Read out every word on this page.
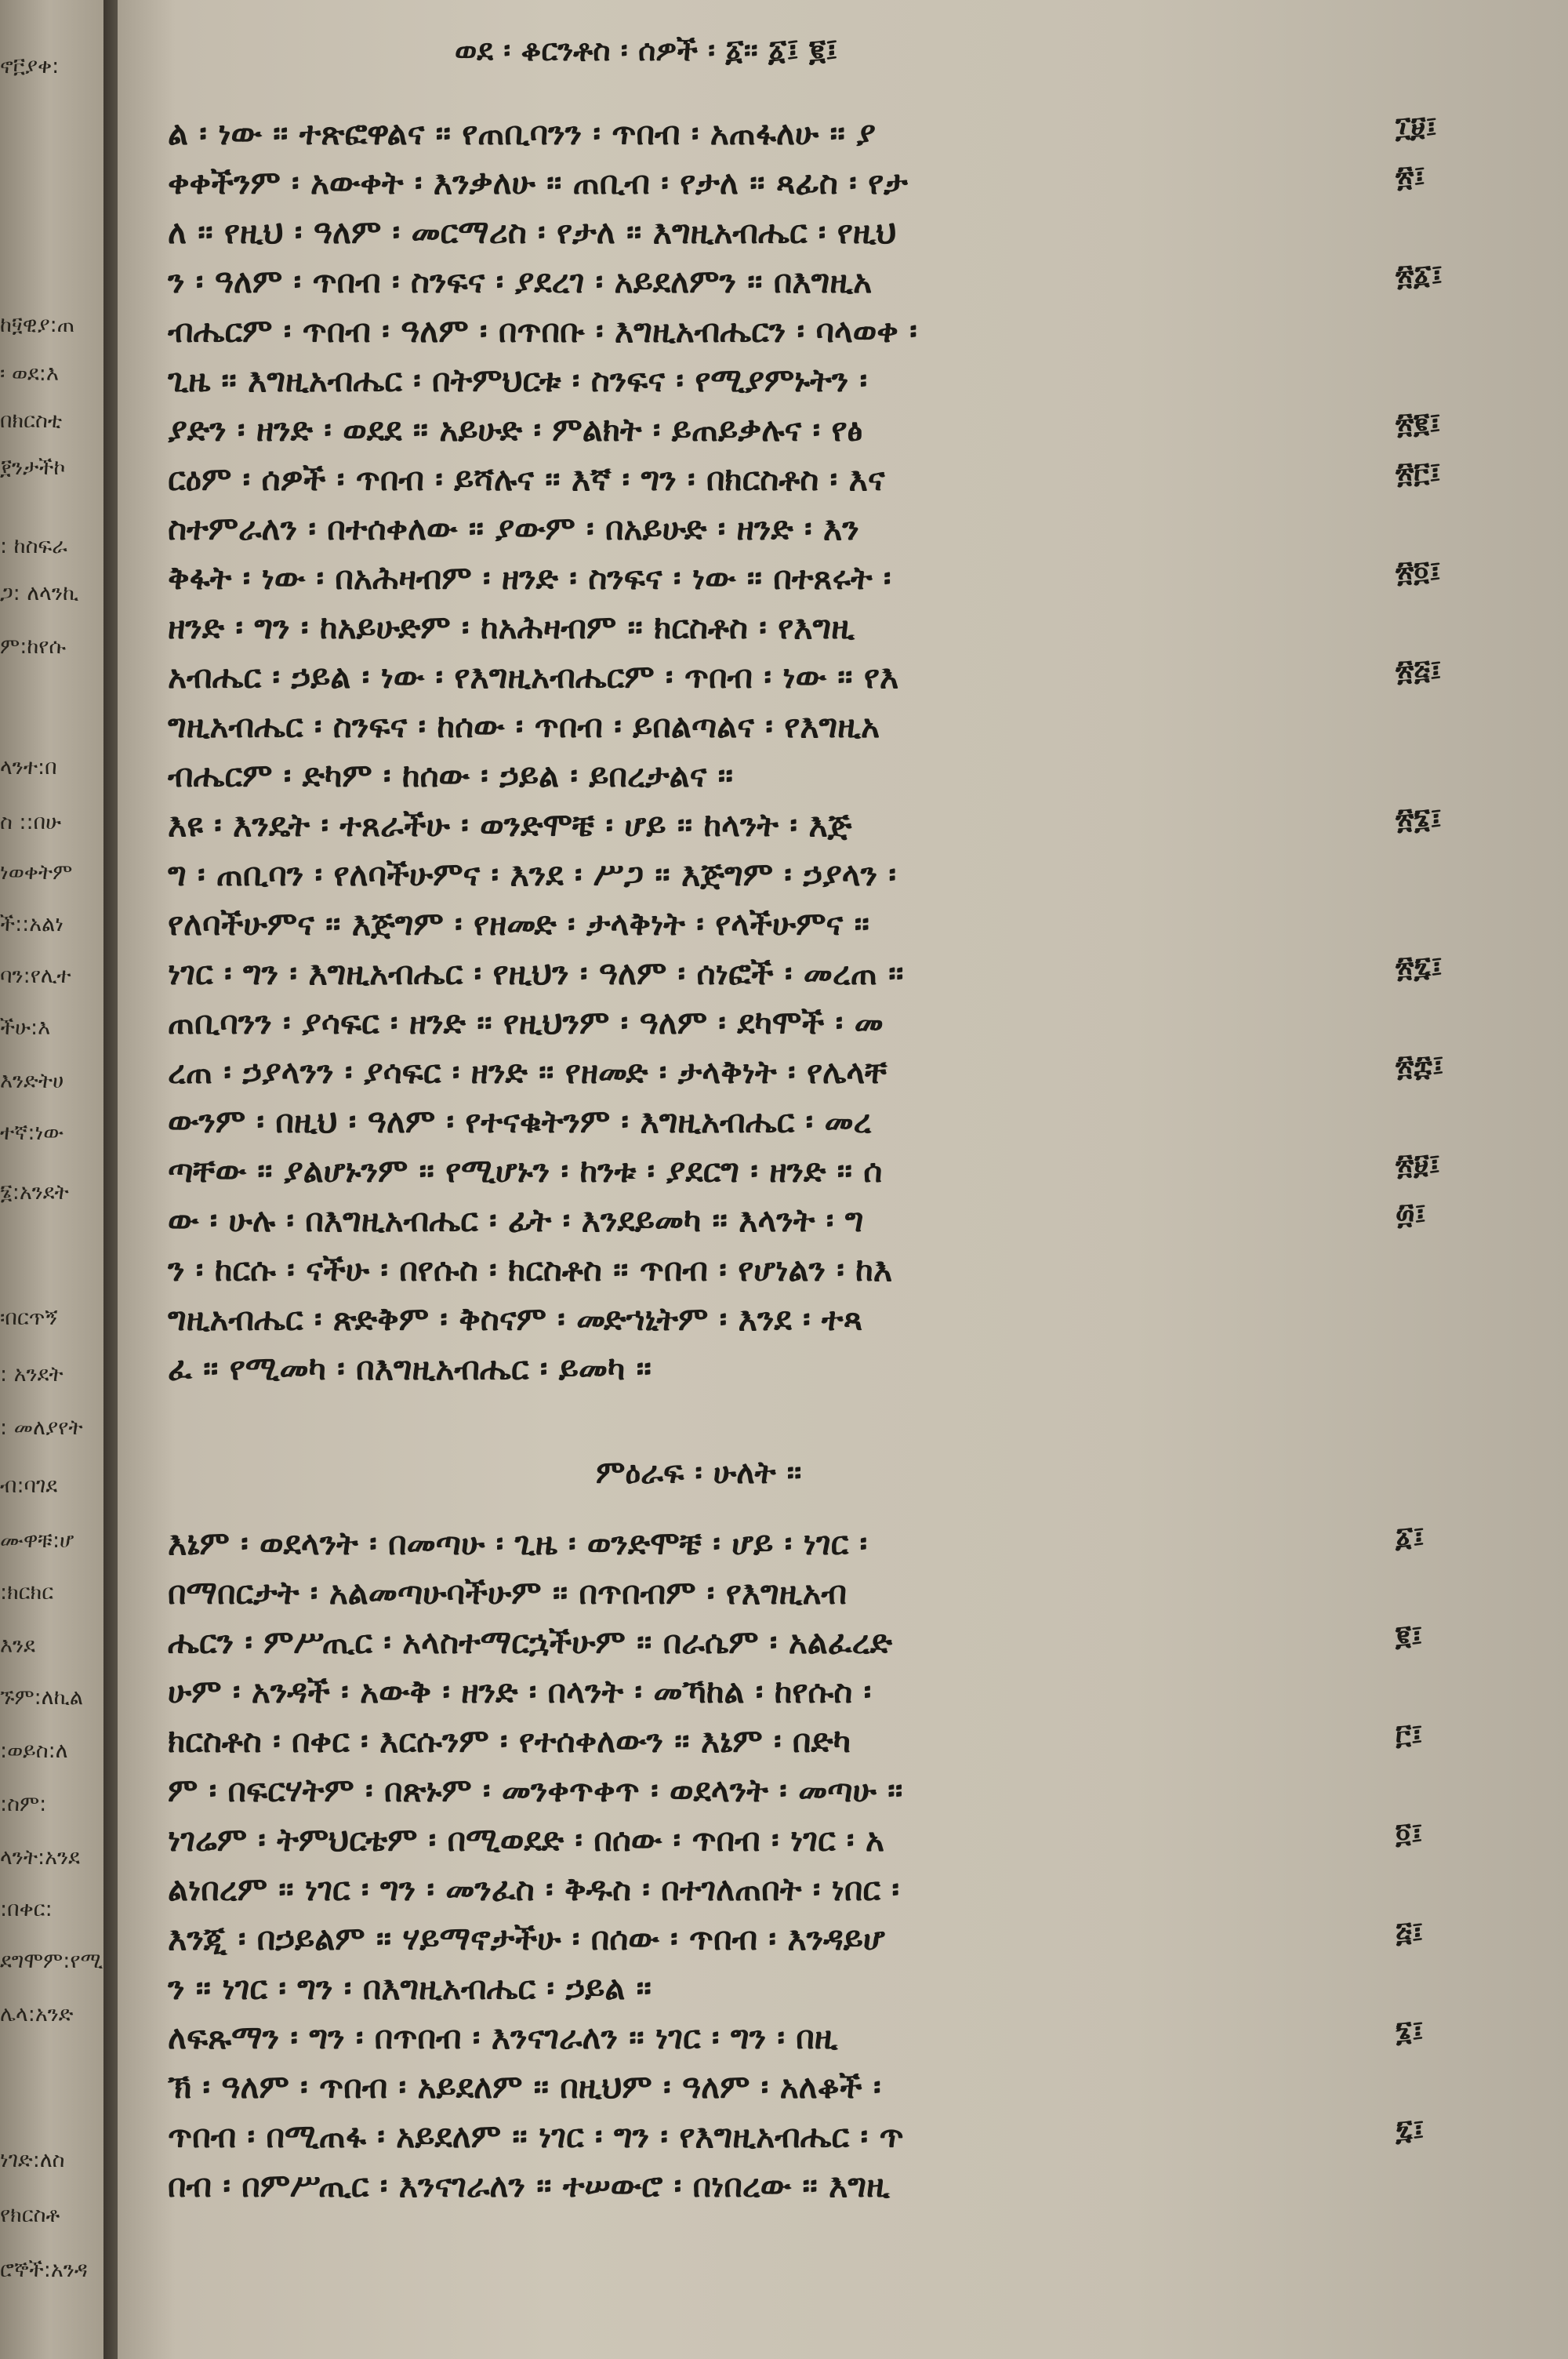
ኖ፫ያቀ:
ከ፶ዊያ:ጠ
፡ ወደ:እ
በክርስቲ
፻ንታችኮ
: ከስፍራ
ጋ: ለላንኪ
ም:ከየሱ
ላንተ:በ
ስ ::በሁ
ነወቀትም
ች::አልነ
ባን:የሊተ
ችሁ:እ
እንድትሀ
ተኛ:ነው
፮:አንደት
፡በርጥኝ
: አንደት
: መለያየት
ብ:ባገደ
ሙዋቹ:ሆ
:ክርክር
እንደ
ኙም:ለኪል
:ወይስ:ለ
:ስም:
ላንት:አንደ
:በቀር:
ደግሞም:የሚ
ሌላ:አንድ
ነገድ:ለስ
የክርስቶ
ሮኞች:አንዳ
ወደ ፡ ቆርንቶስ ፡ ሰዎች ፡ ፩፡፡ ፩፤ ፪፤
ል ፡ ነው ፡፡ ተጽፎዋልና ፡፡ የጠቢባንን ፡ ጥበብ ፡ አጠፋለሁ ፡፡ ያ
ቀቀችንም ፡ አውቀት ፡ እንቃለሁ ፡፡ ጠቢብ ፡ የታለ ፡፡ ጻፊስ ፡ የታ
ለ ፡፡ የዚህ ፡ ዓለም ፡ መርማሪስ ፡ የታለ ፡፡ እግዚአብሔር ፡ የዚህ
ን ፡ ዓለም ፡ ጥበብ ፡ ስንፍና ፡ ያደረገ ፡ አይደለምን ፡፡ በእግዚአ
ብሔርም ፡ ጥበብ ፡ ዓለም ፡ በጥበቡ ፡ እግዚአብሔርን ፡ ባላወቀ ፡
ጊዜ ፡፡ እግዚአብሔር ፡ በትምህርቱ ፡ ስንፍና ፡ የሚያምኑትን ፡
ያድን ፡ ዘንድ ፡ ወደደ ፡፡ አይሁድ ፡ ምልክት ፡ ይጠይቃሉና ፡ የፅ
ርዕም ፡ ሰዎች ፡ ጥበብ ፡ ይሻሉና ፡፡ እኛ ፡ ግን ፡ በክርስቶስ ፡ እና
ስተምራለን ፡ በተሰቀለው ፡፡ ያውም ፡ በአይሁድ ፡ ዘንድ ፡ እን
ቅፋት ፡ ነው ፡ በአሕዛብም ፡ ዘንድ ፡ ስንፍና ፡ ነው ፡፡ በተጸሩት ፡
ዘንድ ፡ ግን ፡ ከአይሁድም ፡ ከአሕዛብም ፡፡ ክርስቶስ ፡ የእግዚ
አብሔር ፡ ኃይል ፡ ነው ፡ የእግዚአብሔርም ፡ ጥበብ ፡ ነው ፡፡ የእ
ግዚአብሔር ፡ ስንፍና ፡ ከሰው ፡ ጥበብ ፡ ይበልጣልና ፡ የእግዚአ
ብሔርም ፡ ድካም ፡ ከሰው ፡ ኃይል ፡ ይበረታልና ፡፡
እዩ ፡ እንዴት ፡ ተጸራችሁ ፡ ወንድሞቼ ፡ ሆይ ፡፡ ከላንት ፡ እጅ
ግ ፡ ጠቢባን ፡ የለባችሁምና ፡ እንደ ፡ ሥጋ ፡፡ እጅግም ፡ ኃያላን ፡
የለባችሁምና ፡፡ እጅግም ፡ የዘመድ ፡ ታላቅነት ፡ የላችሁምና ፡፡
ነገር ፡ ግን ፡ እግዚአብሔር ፡ የዚህን ፡ ዓለም ፡ ሰነፎች ፡ መረጠ ፡፡
ጠቢባንን ፡ ያሳፍር ፡ ዘንድ ፡፡ የዚህንም ፡ ዓለም ፡ ደካሞች ፡ መ
ረጠ ፡ ኃያላንን ፡ ያሳፍር ፡ ዘንድ ፡፡ የዘመድ ፡ ታላቅነት ፡ የሌላቸ
ውንም ፡ በዚህ ፡ ዓለም ፡ የተናቁትንም ፡ እግዚአብሔር ፡ መረ
ጣቸው ፡፡ ያልሆኑንም ፡፡ የሚሆኑን ፡ ከንቱ ፡ ያደርግ ፡ ዘንድ ፡፡ ሰ
ው ፡ ሁሉ ፡ በእግዚአብሔር ፡ ፊት ፡ እንደይመካ ፡፡ እላንት ፡ ግ
ን ፡ ከርሱ ፡ ናችሁ ፡ በየሱስ ፡ ክርስቶስ ፡፡ ጥበብ ፡ የሆነልን ፡ ከእ
ግዚአብሔር ፡ ጽድቅም ፡ ቅስናም ፡ መድኀኒትም ፡ እንደ ፡ ተጻ
ፈ ፡፡ የሚመካ ፡ በእግዚአብሔር ፡ ይመካ ፡፡
ምዕራፍ ፡ ሁለት ፡፡
እኔም ፡ ወደላንት ፡ በመጣሁ ፡ ጊዜ ፡ ወንድሞቼ ፡ ሆይ ፡ ነገር ፡
በማበርታት ፡ አልመጣሁባችሁም ፡፡ በጥበብም ፡ የእግዚአብ
ሔርን ፡ ምሥጢር ፡ አላስተማርኋችሁም ፡፡ በራሴም ፡ አልፈረድ
ሁም ፡ አንዳች ፡ አውቅ ፡ ዘንድ ፡ በላንት ፡ መኻከል ፡ ከየሱስ ፡
ክርስቶስ ፡ በቀር ፡ እርሱንም ፡ የተሰቀለውን ፡፡ እኔም ፡ በድካ
ም ፡ በፍርሃትም ፡ በጽኑም ፡ መንቀጥቀጥ ፡ ወደላንት ፡ መጣሁ ፡፡
ነገሬም ፡ ትምህርቴም ፡ በሚወደድ ፡ በሰው ፡ ጥበብ ፡ ነገር ፡ አ
ልነበረም ፡፡ ነገር ፡ ግን ፡ መንፈስ ፡ ቅዱስ ፡ በተገለጠበት ፡ ነበር ፡
እንጂ ፡ በኃይልም ፡፡ ሃይማኖታችሁ ፡ በሰው ፡ ጥበብ ፡ እንዳይሆ
ን ፡፡ ነገር ፡ ግን ፡ በእግዚአብሔር ፡ ኃይል ፡፡
ለፍጹማን ፡ ግን ፡ በጥበብ ፡ እንናገራለን ፡፡ ነገር ፡ ግን ፡ በዚ
ኽ ፡ ዓለም ፡ ጥበብ ፡ አይደለም ፡፡ በዚህም ፡ ዓለም ፡ አለቆች ፡
ጥበብ ፡ በሚጠፋ ፡ አይደለም ፡፡ ነገር ፡ ግን ፡ የእግዚአብሔር ፡ ጥ
በብ ፡ በምሥጢር ፡ እንናገራለን ፡፡ ተሠውሮ ፡ በነበረው ፡፡ እግዚ
፲፱፤
፳፤
፳፩፤
፳፪፤
፳፫፤
፳፬፤
፳፭፤
፳፮፤
፳፯፤
፳፰፤
፳፱፤
፴፤
፩፤
፪፤
፫፤
፬፤
፭፤
፮፤
፯፤
